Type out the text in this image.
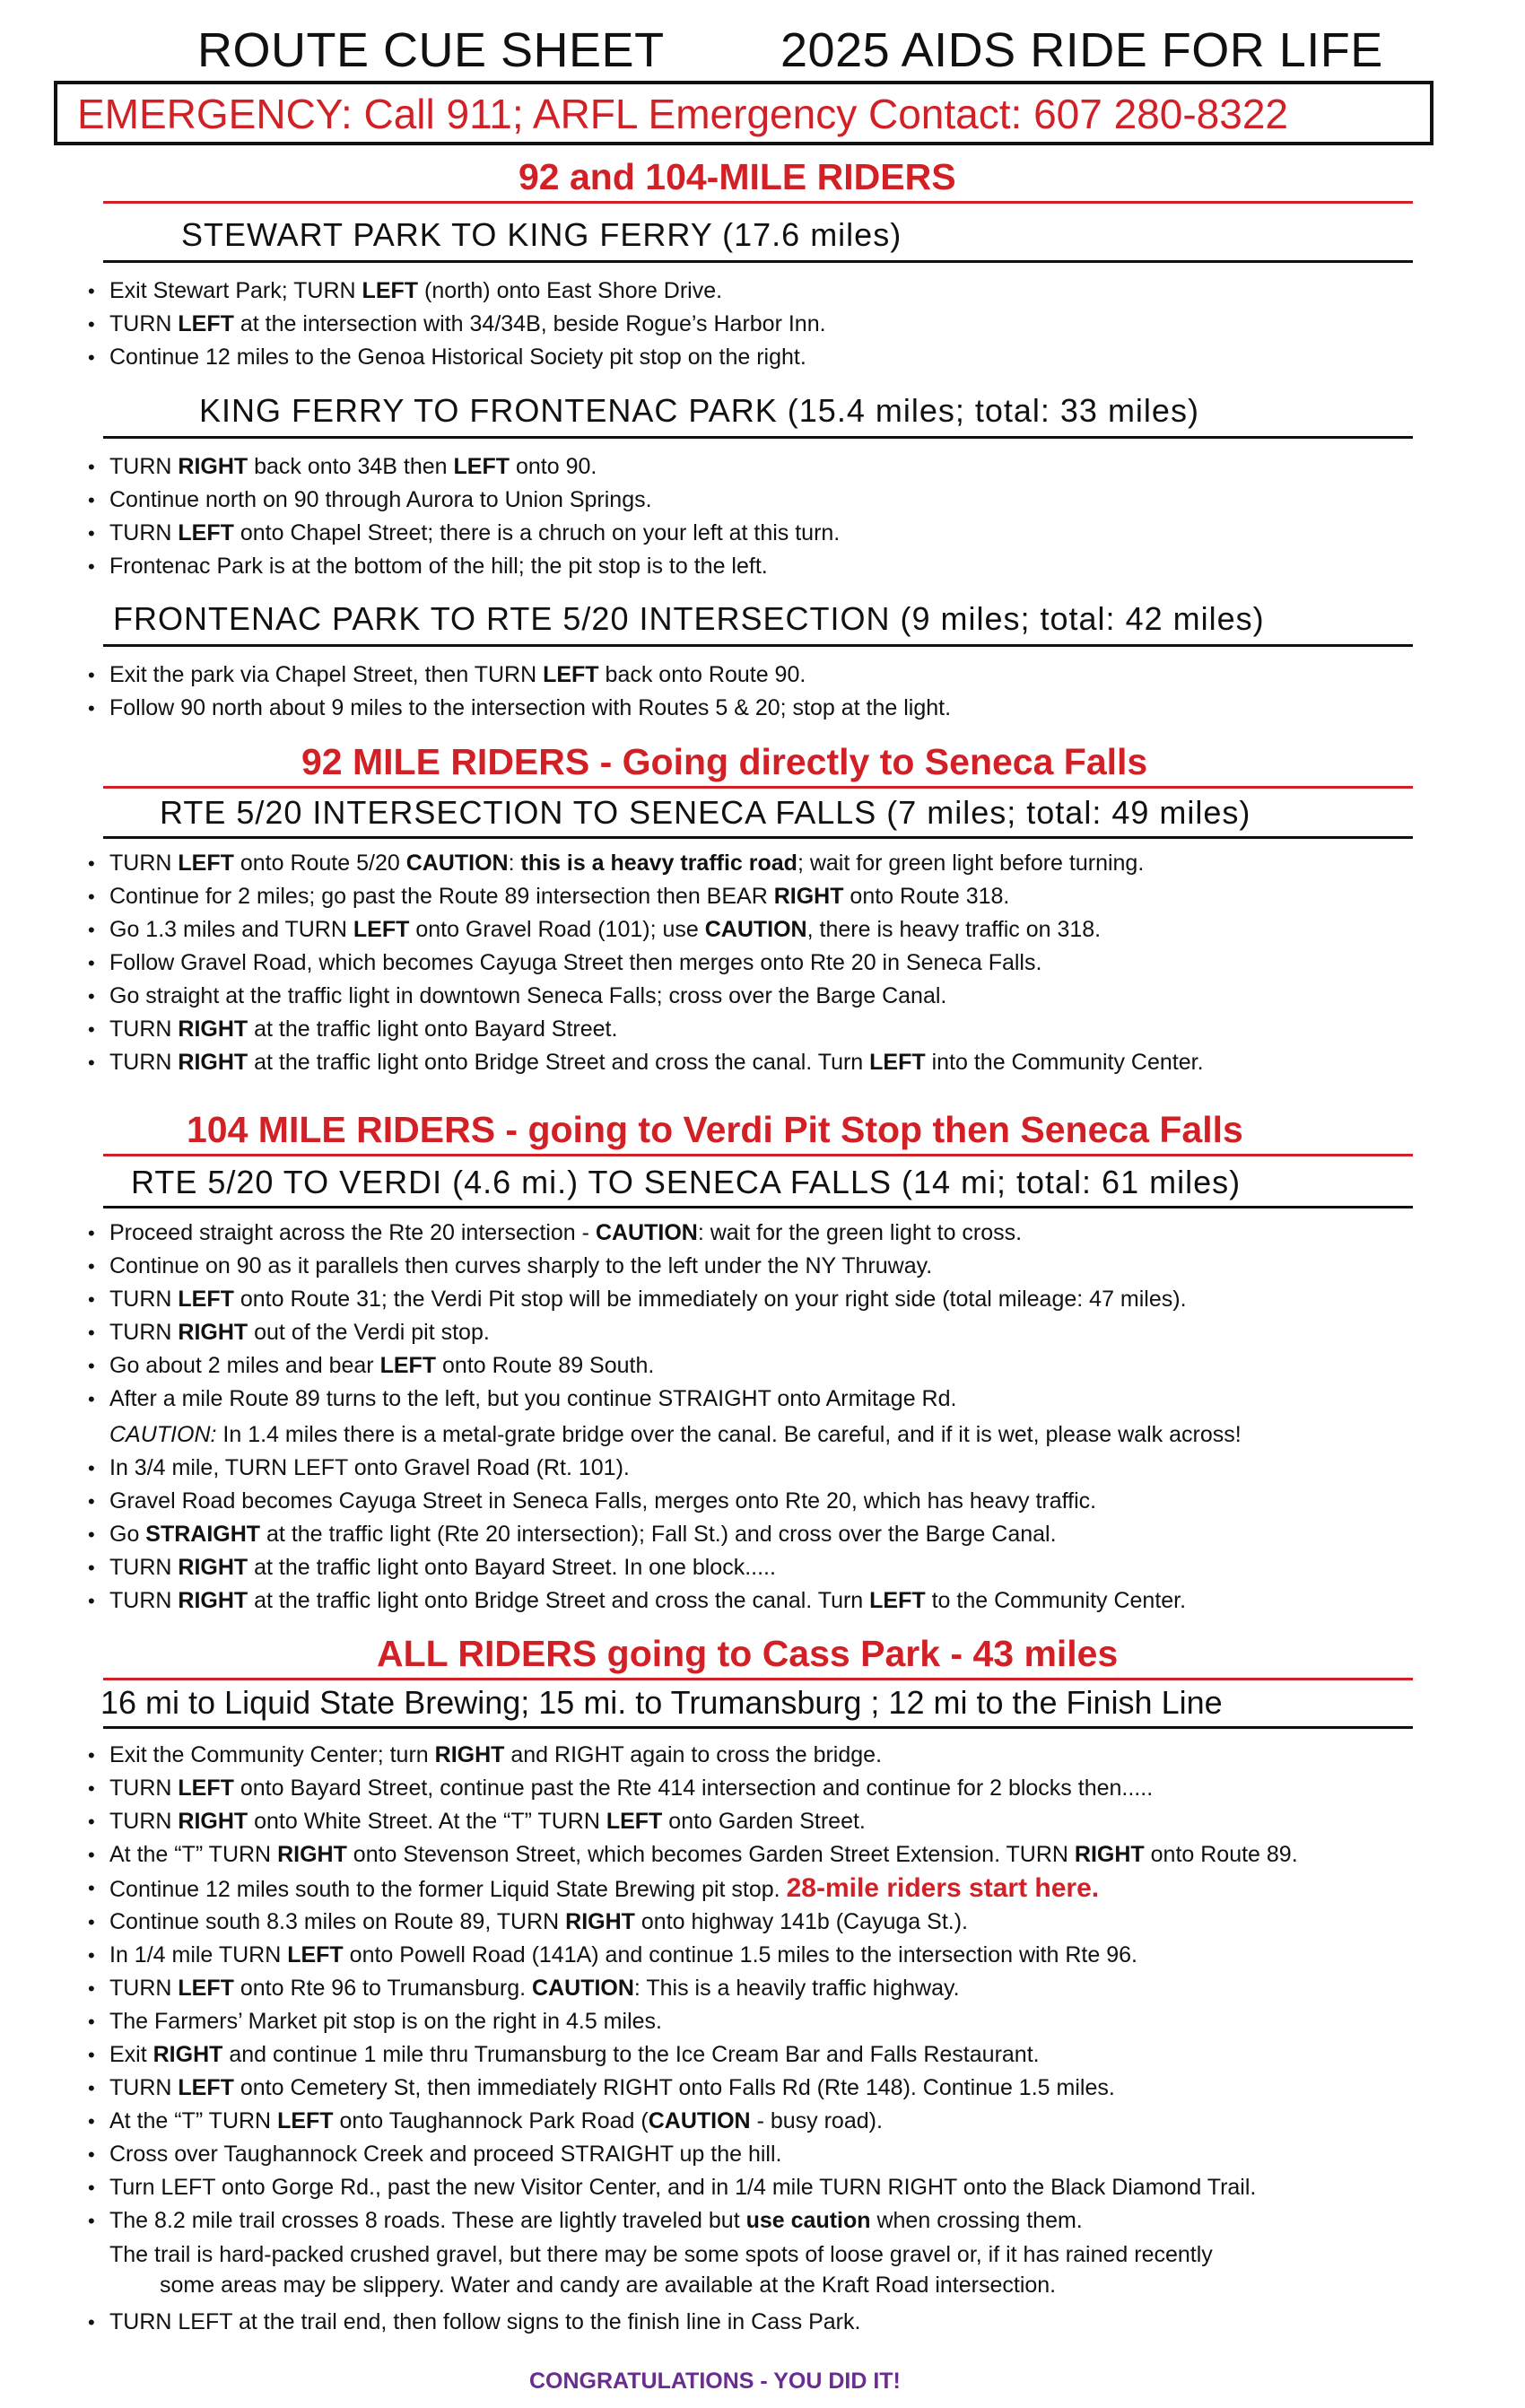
ROUTE CUE SHEET 2025 AIDS RIDE FOR LIFE
EMERGENCY: Call 911; ARFL Emergency Contact: 607 280-8322
92 and 104-MILE RIDERS
STEWART PARK TO KING FERRY (17.6 miles)
• Exit Stewart Park; TURN LEFT (north) onto East Shore Drive.
• TURN LEFT at the intersection with 34/34B, beside Rogue’s Harbor Inn.
• Continue 12 miles to the Genoa Historical Society pit stop on the right.
KING FERRY TO FRONTENAC PARK (15.4 miles; total: 33 miles)
• TURN RIGHT back onto 34B then LEFT onto 90.
• Continue north on 90 through Aurora to Union Springs.
• TURN LEFT onto Chapel Street; there is a chruch on your left at this turn.
• Frontenac Park is at the bottom of the hill; the pit stop is to the left.
FRONTENAC PARK TO RTE 5/20 INTERSECTION (9 miles; total: 42 miles)
• Exit the park via Chapel Street, then TURN LEFT back onto Route 90.
• Follow 90 north about 9 miles to the intersection with Routes 5 & 20; stop at the light.
92 MILE RIDERS - Going directly to Seneca Falls
RTE 5/20 INTERSECTION TO SENECA FALLS (7 miles; total: 49 miles)
• TURN LEFT onto Route 5/20 CAUTION: this is a heavy traffic road; wait for green light before turning.
• Continue for 2 miles; go past the Route 89 intersection then BEAR RIGHT onto Route 318.
• Go 1.3 miles and TURN LEFT onto Gravel Road (101); use CAUTION, there is heavy traffic on 318.
• Follow Gravel Road, which becomes Cayuga Street then merges onto Rte 20 in Seneca Falls.
• Go straight at the traffic light in downtown Seneca Falls; cross over the Barge Canal.
• TURN RIGHT at the traffic light onto Bayard Street.
• TURN RIGHT at the traffic light onto Bridge Street and cross the canal. Turn LEFT into the Community Center.
104 MILE RIDERS - going to Verdi Pit Stop then Seneca Falls
RTE 5/20 TO VERDI (4.6 mi.) TO SENECA FALLS (14 mi; total: 61 miles)
• Proceed straight across the Rte 20 intersection - CAUTION: wait for the green light to cross.
• Continue on 90 as it parallels then curves sharply to the left under the NY Thruway.
• TURN LEFT onto Route 31; the Verdi Pit stop will be immediately on your right side (total mileage: 47 miles).
• TURN RIGHT out of the Verdi pit stop.
• Go about 2 miles and bear LEFT onto Route 89 South.
• After a mile Route 89 turns to the left, but you continue STRAIGHT onto Armitage Rd.
CAUTION: In 1.4 miles there is a metal-grate bridge over the canal. Be careful, and if it is wet, please walk across!
• In 3/4 mile, TURN LEFT onto Gravel Road (Rt. 101).
• Gravel Road becomes Cayuga Street in Seneca Falls, merges onto Rte 20, which has heavy traffic.
• Go STRAIGHT at the traffic light (Rte 20 intersection); Fall St.) and cross over the Barge Canal.
• TURN RIGHT at the traffic light onto Bayard Street. In one block.....
• TURN RIGHT at the traffic light onto Bridge Street and cross the canal. Turn LEFT to the Community Center.
ALL RIDERS going to Cass Park - 43 miles
16 mi to Liquid State Brewing; 15 mi. to Trumansburg ; 12 mi to the Finish Line
• Exit the Community Center; turn RIGHT and RIGHT again to cross the bridge.
• TURN LEFT onto Bayard Street, continue past the Rte 414 intersection and continue for 2 blocks then.....
• TURN RIGHT onto White Street. At the “T” TURN LEFT onto Garden Street.
• At the “T” TURN RIGHT onto Stevenson Street, which becomes Garden Street Extension. TURN RIGHT onto Route 89.
• Continue 12 miles south to the former Liquid State Brewing pit stop. 28-mile riders start here.
• Continue south 8.3 miles on Route 89, TURN RIGHT onto highway 141b (Cayuga St.).
• In 1/4 mile TURN LEFT onto Powell Road (141A) and continue 1.5 miles to the intersection with Rte 96.
• TURN LEFT onto Rte 96 to Trumansburg. CAUTION: This is a heavily traffic highway.
• The Farmers’ Market pit stop is on the right in 4.5 miles.
• Exit RIGHT and continue 1 mile thru Trumansburg to the Ice Cream Bar and Falls Restaurant.
• TURN LEFT onto Cemetery St, then immediately RIGHT onto Falls Rd (Rte 148). Continue 1.5 miles.
• At the “T” TURN LEFT onto Taughannock Park Road (CAUTION - busy road).
• Cross over Taughannock Creek and proceed STRAIGHT up the hill.
• Turn LEFT onto Gorge Rd., past the new Visitor Center, and in 1/4 mile TURN RIGHT onto the Black Diamond Trail.
• The 8.2 mile trail crosses 8 roads. These are lightly traveled but use caution when crossing them.
The trail is hard-packed crushed gravel, but there may be some spots of loose gravel or, if it has rained recently
some areas may be slippery. Water and candy are available at the Kraft Road intersection.
• TURN LEFT at the trail end, then follow signs to the finish line in Cass Park.
CONGRATULATIONS - YOU DID IT!
